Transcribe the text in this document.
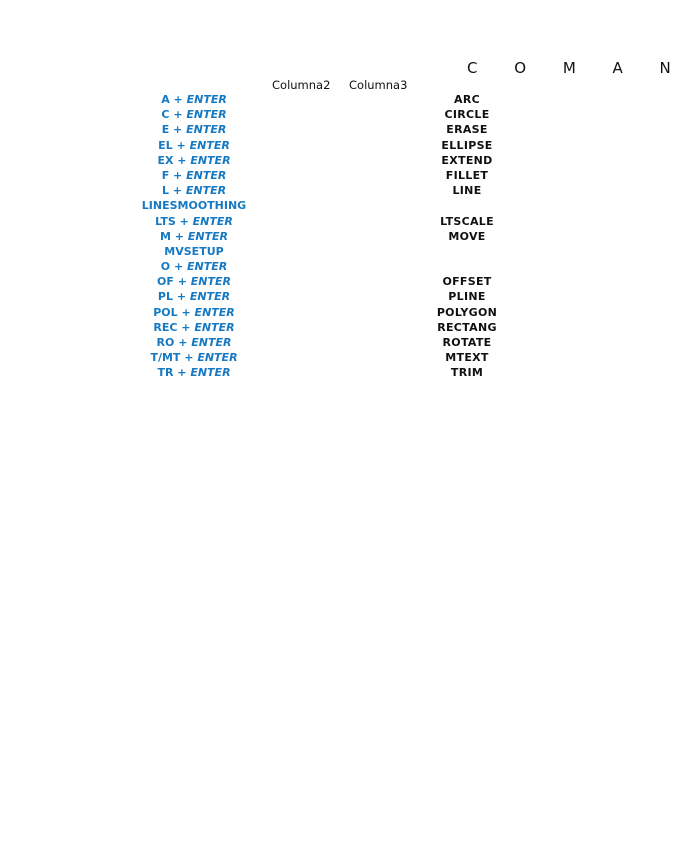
C O M A N
Columna2 Columna3
A + ENTER	ARC
C + ENTER	CIRCLE
E + ENTER	ERASE
EL + ENTER	ELLIPSE
EX + ENTER	EXTEND
F + ENTER	FILLET
L + ENTER	LINE
LINESMOOTHING
LTS + ENTER	LTSCALE
M + ENTER	MOVE
MVSETUP
O + ENTER
OF + ENTER	OFFSET
PL + ENTER	PLINE
POL + ENTER	POLYGON
REC + ENTER	RECTANG
RO + ENTER	ROTATE
T/MT + ENTER	MTEXT
TR + ENTER	TRIM
